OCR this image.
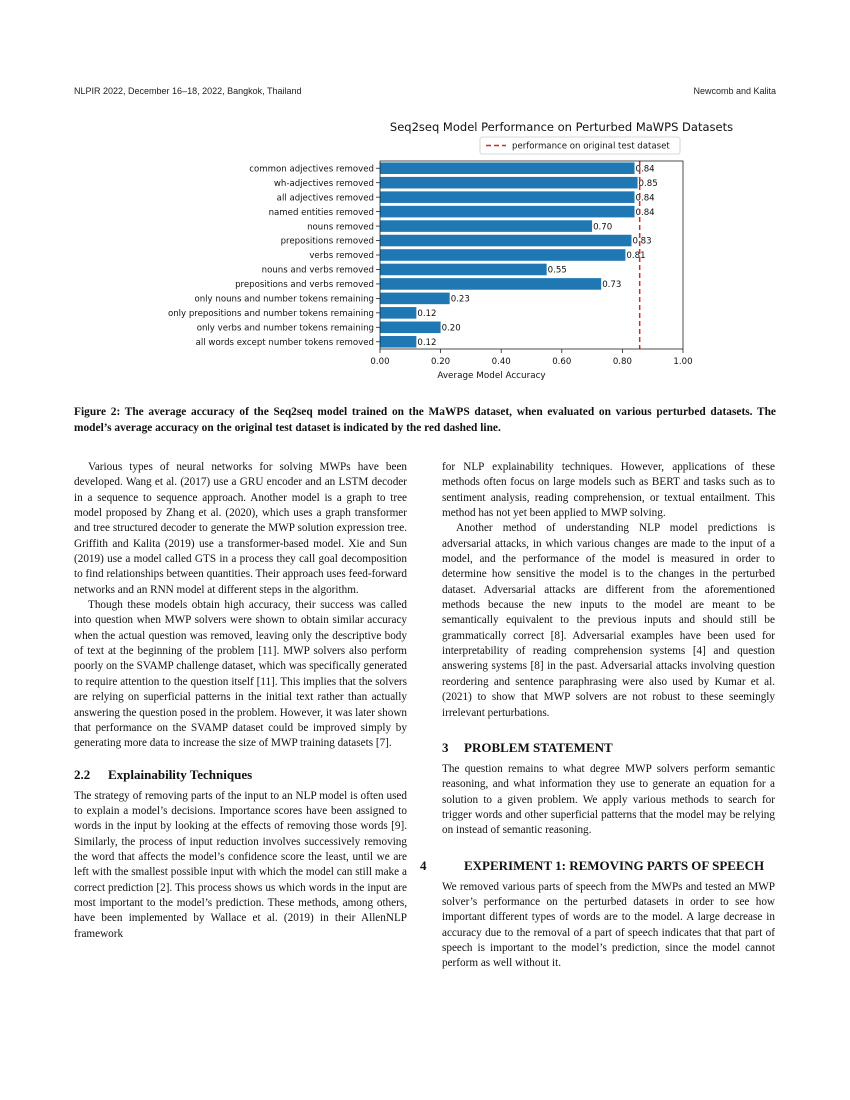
NLPIR 2022, December 16–18, 2022, Bangkok, Thailand	Newcomb and Kalita
Seq2seq Model Performance on Perturbed MaWPS Datasets
common adjectives removed	0.84
wh-adjectives removed	0.85
all adjectives removed	0.84
named entities removed	0.84
nouns removed	0.70
prepositions removed	0.83
verbs removed	0.81
nouns and verbs removed	0.55
prepositions and verbs removed	0.73
only nouns and number tokens remaining	0.23
only prepositions and number tokens remaining	0.12
only verbs and number tokens remaining	0.20
all words except number tokens removed	0.12
0.00	0.20	0.40	0.60	0.80	1.00
Average Model Accuracy
performance on original test dataset
Figure 2: The average accuracy of the Seq2seq model trained on the MaWPS dataset, when evaluated on various perturbed datasets. The model’s average accuracy on the original test dataset is indicated by the red dashed line.

Various types of neural networks for solving MWPs have been developed. Wang et al. (2017) use a GRU encoder and an LSTM decoder in a sequence to sequence approach. Another model is a graph to tree model proposed by Zhang et al. (2020), which uses a graph transformer and tree structured decoder to generate the MWP solution expression tree. Griffith and Kalita (2019) use a transformer-based model. Xie and Sun (2019) use a model called GTS in a process they call goal decomposition to find relationships between quantities. Their approach uses feed-forward networks and an RNN model at different steps in the algorithm.

Though these models obtain high accuracy, their success was called into question when MWP solvers were shown to obtain similar accuracy when the actual question was removed, leaving only the descriptive body of text at the beginning of the problem [11]. MWP solvers also perform poorly on the SVAMP challenge dataset, which was specifically generated to require attention to the question itself [11]. This implies that the solvers are relying on superficial patterns in the initial text rather than actually answering the question posed in the problem. However, it was later shown that performance on the SVAMP dataset could be improved simply by generating more data to increase the size of MWP training datasets [7].

2.2 Explainability Techniques

The strategy of removing parts of the input to an NLP model is often used to explain a model’s decisions. Importance scores have been assigned to words in the input by looking at the effects of removing those words [9]. Similarly, the process of input reduction involves successively removing the word that affects the model’s confidence score the least, until we are left with the smallest possible input with which the model can still make a correct prediction [2]. This process shows us which words in the input are most important to the model’s prediction. These methods, among others, have been implemented by Wallace et al. (2019) in their AllenNLP framework

for NLP explainability techniques. However, applications of these methods often focus on large models such as BERT and tasks such as to sentiment analysis, reading comprehension, or textual entailment. This method has not yet been applied to MWP solving.

Another method of understanding NLP model predictions is adversarial attacks, in which various changes are made to the input of a model, and the performance of the model is measured in order to determine how sensitive the model is to the changes in the perturbed dataset. Adversarial attacks are different from the aforementioned methods because the new inputs to the model are meant to be semantically equivalent to the previous inputs and should still be grammatically correct [8]. Adversarial examples have been used for interpretability of reading comprehension systems [4] and question answering systems [8] in the past. Adversarial attacks involving question reordering and sentence paraphrasing were also used by Kumar et al. (2021) to show that MWP solvers are not robust to these seemingly irrelevant perturbations.

3 PROBLEM STATEMENT

The question remains to what degree MWP solvers perform semantic reasoning, and what information they use to generate an equation for a solution to a given problem. We apply various methods to search for trigger words and other superficial patterns that the model may be relying on instead of semantic reasoning.

4	EXPERIMENT 1: REMOVING PARTS OF SPEECH

We removed various parts of speech from the MWPs and tested an MWP solver’s performance on the perturbed datasets in order to see how important different types of words are to the model. A large decrease in accuracy due to the removal of a part of speech indicates that that part of speech is important to the model’s prediction, since the model cannot perform as well without it.
